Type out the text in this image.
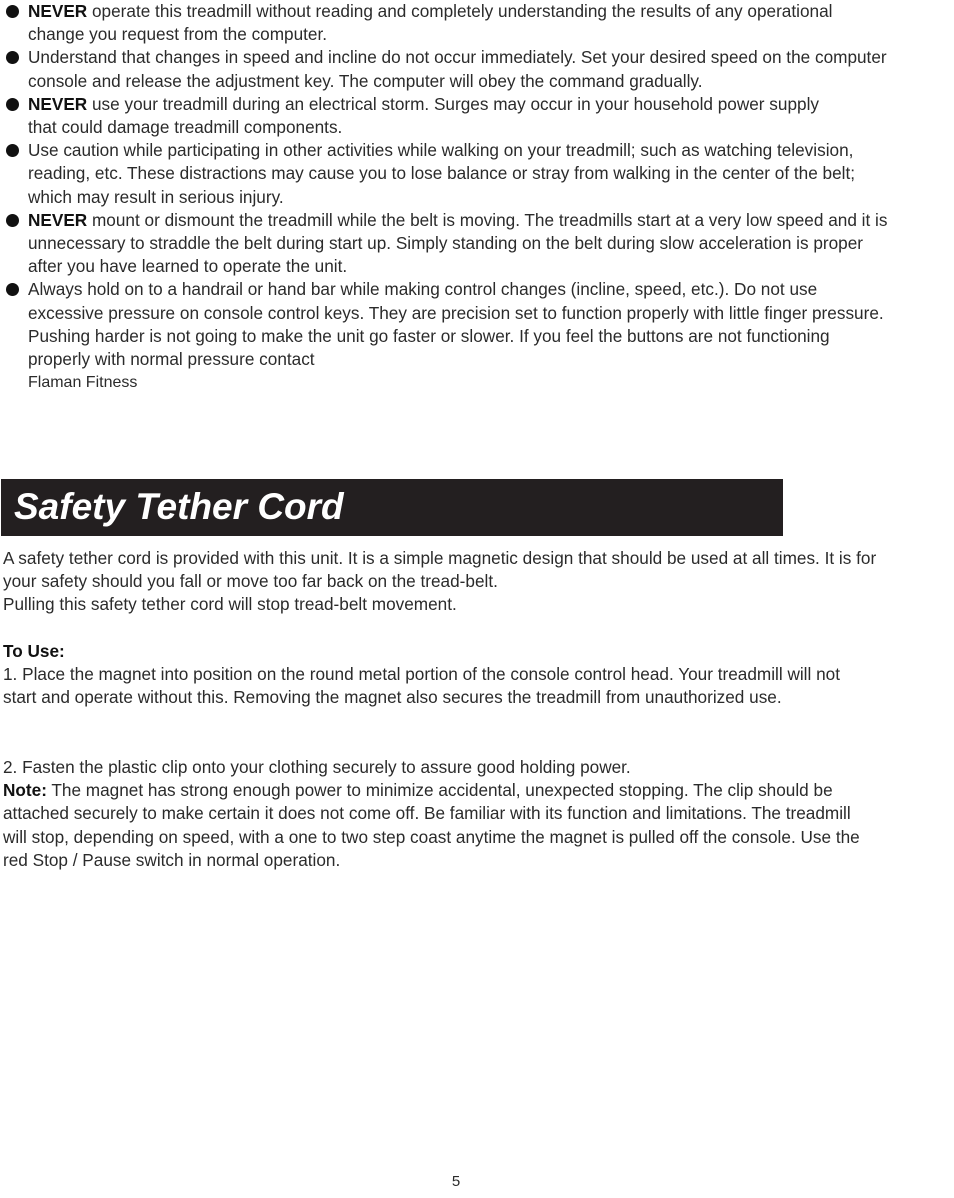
NEVER operate this treadmill without reading and completely understanding the results of any operational change you request from the computer.
Understand that changes in speed and incline do not occur immediately. Set your desired speed on the computer console and release the adjustment key. The computer will obey the command gradually.
NEVER use your treadmill during an electrical storm. Surges may occur in your household power supply that could damage treadmill components.
Use caution while participating in other activities while walking on your treadmill; such as watching television, reading, etc. These distractions may cause you to lose balance or stray from walking in the center of the belt; which may result in serious injury.
NEVER mount or dismount the treadmill while the belt is moving. The treadmills start at a very low speed and it is unnecessary to straddle the belt during start up. Simply standing on the belt during slow acceleration is proper after you have learned to operate the unit.
Always hold on to a handrail or hand bar while making control changes (incline, speed, etc.). Do not use excessive pressure on console control keys. They are precision set to function properly with little finger pressure. Pushing harder is not going to make the unit go faster or slower. If you feel the buttons are not functioning properly with normal pressure contact
Flaman Fitness
Safety Tether Cord
A safety tether cord is provided with this unit. It is a simple magnetic design that should be used at all times. It is for your safety should you fall or move too far back on the tread-belt.
Pulling this safety tether cord will stop tread-belt movement.
To Use:
1. Place the magnet into position on the round metal portion of the console control head. Your treadmill will not start and operate without this. Removing the magnet also secures the treadmill from unauthorized use.
2. Fasten the plastic clip onto your clothing securely to assure good holding power.
Note: The magnet has strong enough power to minimize accidental, unexpected stopping. The clip should be attached securely to make certain it does not come off. Be familiar with its function and limitations. The treadmill will stop, depending on speed, with a one to two step coast anytime the magnet is pulled off the console. Use the red Stop / Pause switch in normal operation.
5
